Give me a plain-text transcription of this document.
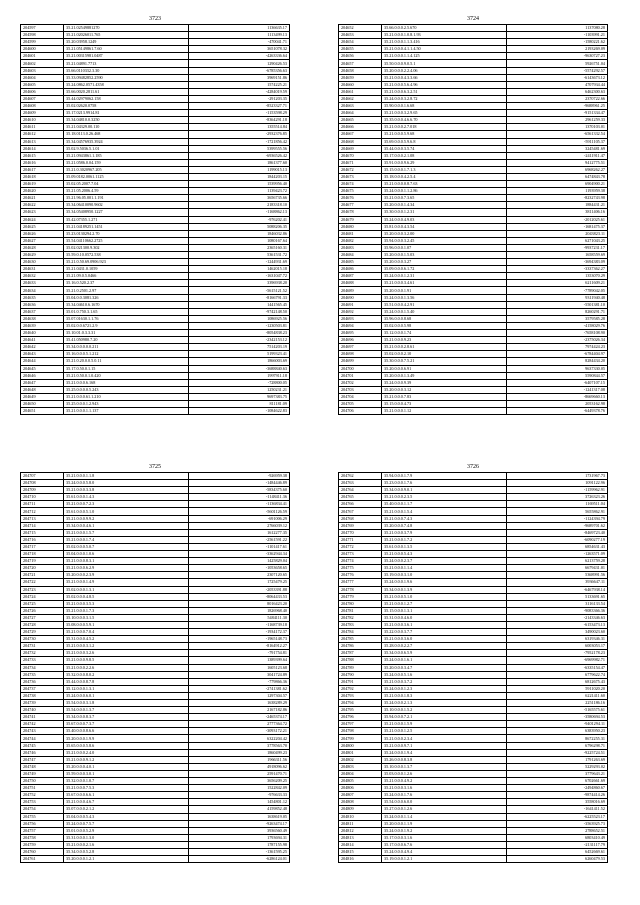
3723
204597	35.21.02549881270	1136635.17
204598	35.21.02026011.765	1113499.13
204599	35.20.03958.1249	-470041.71
204600	35.21.05149861.7.60	3651078.32
204601	35.21.00315981.0487	-4263336.64
204602	35.21.04891.7713	1290426.53
204603	35.66.0110332.3.30	-6785356.63
204604	35.33.09482852.2590	3969151.86
204605	35.24.0862.0571.4358	1574225.21
204606	35.66.0020.2811.61	-4284019.59
204607	35.44.02979062.158	-291203.35
204608	35.02.02620.0758	-8523327.71
204609	35.17.0213.9914.81	-1153598.29
204610	35.34.04810.0.3250	-8364291.18
204611	35.21.04329.00.110	1355514.84
204612	35.18.0113.0.26.468	-2932376.85
204613	35.34.04576935.3924	-1721856.42
204614	35.02.9.5036.5.1.01	5399555.56
204615	35.21.0943861.1.185	-6936526.42
204616	35.21.0586.0.04.159	1861377.60
204617	35.21.0.3020967.205	1199015.13
204618	35.09.0182.0061.1125	1844203.15
204619	35.02.05.2007.7.04	1539956.40
204620	35.21.05.2006.4.59	1139423.72
204621	35.21.96.05.001.1.191	3656735.66
204622	35.34.06410090.9602	2183318.10
204623	35.34.05408950.1227	-1168862.13
204624	35.42.07355.1.271	-976202.41
204625	35.21.04189251.1451	5088206.35
204626	35.23.0130294.2.70	1846032.86
204627	35.54.04110662.2725	1080167.64
204628	35.02.021300.9.302	2365160.31
204629	35.59.0.10.0572.538	5361531.72
204630	35.21.0.50.69.0906.923	-1244931.69
204631	35.21.0431.0.1059	1462015.18
204632	35.21.09.0.5.0466	-1631047.72
204633	35.16.0.520.2.37	3396938.20
204634	35.21.0.2501.2.97	-5615121.52
204635	35.04.0.0.3081.326	-8166791.33
204636	35.34.04610.6.1670	1441565.45
204637	35.01.0.750.3.1.65	-9742148.50
204638	35.07.01630.1.1.76	1086925.56
204639	35.02.0.0.6721.2.9	-1230503.81
204640	35.10.01.0.3.3.31	-8054838.23
204641	35.41.050980.7.20	-2342153.12
204642	35.34.0.0.0.0.0.211	7514203.19
204643	35.16.0.0.0.5.1.212	5199323.41
204644	35.21.0.20.0.0.5.0.11	1866003.69
204645	35.17.0.50.0.1.15	-3688840.63
204646	35.21.0.50.0.1.0.420	1997911.18
204647	35.21.0.0.0.6.168	-728800.05
204648	35.25.0.0.0.0.5.243	1250231.21
204649	35.21.0.0.0.61.1.210	9697383.75
204650	35.25.0.0.0.1.2.943	811181.09
204651	35.21.0.0.0.1.1.137	-1084622.83
3724
204652	35.66.0.0.0.2.5.670	1137080.28
204653	35.21.0.0.0.1.0.8.1.93	-1103991.21
204654	35.21.0.0.0.1.1.3.416	-1580221.62
204655	35.21.0.0.0.4.1.1.4.50	2193269.09
204656	35.21.0.0.0.1.1.4.125	-9630727.23
204657	35.50.0.0.0.9.0.5.1	5926751.04
204658	35.20.0.0.0.2.2.4.06	-5574292.57
204659	35.21.0.0.0.4.3.3.66	-6143673.12
204660	35.21.0.0.0.5.6.4.96	4707934.44
204661	35.21.0.0.0.6.3.2.51	6462300.63
204662	35.24.0.0.0.3.2.8.72	2370722.66
204663	35.90.0.0.0.1.6.68	-9688961.25
204664	35.21.0.0.0.3.2.9.65	-9151334.47
204665	35.35.0.0.0.4.6.6.70	2961259.33
204666	35.21.0.0.0.2.7.018	1370103.01
204667	35.21.0.0.0.5.9.68	-6561332.54
204668	35.69.0.0.0.5.9.6.8	-5911105.37
204669	35.44.0.0.0.3.5.74	3245481.69
204670	35.17.0.0.0.2.1.08	-2411911.47
204671	35.91.0.0.0.9.6.29	9412775.51
204672	35.15.0.0.0.1.7.1.3	6968262.27
204673	35.18.0.0.0.4.2.5.4	6474843.78
204674	35.21.0.0.0.0.8.7.63	6904900.21
204675	35.24.0.0.0.1.1.2.86	1193959.38
204676	35.21.0.0.0.7.3.65	-8232743.98
204677	35.20.0.0.0.1.4.34	1884431.21
204678	35.30.0.0.0.1.2.31	3811406.16
204679	35.24.0.0.0.4.9.03	-2012025.61
204680	35.81.0.0.0.4.3.54	-1681475.37
204681	35.20.0.0.0.3.2.00	2043823.11
204682	35.94.0.0.0.3.2.45	6271043.25
204683	35.96.0.0.0.1.07	-9937231.17
204684	35.20.0.0.0.1.5.03	1658559.69
204685	35.20.0.0.0.3.27	-3694383.09
204686	35.09.0.0.0.6.1.72	-3337362.27
204687	35.24.0.0.0.1.2.31	1353070.29
204688	35.21.0.0.0.3.4.61	6211609.21
204689	35.20.0.0.0.1.91	-7789042.05
204690	35.24.0.0.0.1.3.56	9311940.48
204691	35.51.0.0.0.4.2.91	-5501381.10
204692	35.24.0.0.0.1.5.40	8260291.71
204693	35.96.0.0.0.8.68	3579585.28
204694	35.02.0.0.0.5.98	-4158029.76
204695	35.12.0.0.0.1.74	-7658108.90
204696	35.21.0.0.0.9.23	-2375026.34
204697	35.21.0.0.0.2.8.61	7974424.23
204698	35.02.0.0.0.2.10	-6784404.97
204699	35.30.0.0.0.7.5.21	8284434.20
204700	35.20.0.0.0.6.91	9637330.05
204701	35.20.0.0.0.1.3.49	5590844.57
204702	35.24.0.0.0.9.39	-6407107.15
204703	35.20.0.0.0.3.12	-1241317.08
204704	35.21.0.0.0.7.83	-8669660.13
204705	35.15.0.0.0.4.73	2053162.98
204706	35.21.0.0.0.1.12	-6449378.76
3725
204707	35.21.0.0.0.1.1.8	-926959.38
204708	35.24.0.0.0.5.8.0	-1484446.89
204709	35.21.0.0.0.3.3.8	-5834375.60
204710	35.61.0.0.0.1.4.3	-1148411.36
204711	35.21.0.0.0.7.2.3	-1136834.41
204712	35.61.0.0.0.5.1.0	-5601126.59
204713	35.21.0.0.0.9.9.2	-691006.29
204714	35.34.0.0.0.4.6.1	2766039.12
204715	35.21.0.0.0.1.5.7	1612277.35
204716	35.21.0.0.0.1.7.4	-2561591.22
204717	35.02.0.0.0.5.0.7	-1101417.61
204718	35.04.0.0.0.1.0.6	-3362944.34
204719	35.21.0.0.0.8.3.1	1425829.04
204720	35.21.0.0.0.6.2.9	-1053658.65
204721	35.20.0.0.0.2.3.9	2307120.65
204722	35.21.0.0.0.1.4.9	1725479.25
204723	35.02.0.0.0.1.3.1	-2053391.88
204724	35.02.0.0.0.4.8.5	-8064433.53
204725	35.21.0.0.0.3.5.3	8016423.20
204726	35.21.0.0.0.1.7.3	1826968.40
204727	35.10.0.0.0.3.1.5	5484111.30
204728	35.08.0.0.0.5.9.1	-1168739.18
204729	35.21.0.0.0.7.0.4	-1934172.37
204730	35.31.0.0.0.4.5.2	-1965148.73
204731	35.21.0.0.0.3.1.2	-8164912.27
204732	35.21.0.0.0.3.2.6	-791754.81
204733	35.21.0.0.0.9.8.5	1389399.64
204734	35.21.0.0.0.2.2.6	1605123.68
204735	35.32.0.0.0.8.0.2	3041724.89
204736	35.44.0.0.0.8.7.8	-779866.36
204737	35.12.0.0.0.1.3.1	-2741381.62
204738	35.24.0.0.0.6.0.1	1297304.57
204739	35.54.0.0.0.3.1.8	1638289.29
204740	35.54.0.0.0.1.3.7	2167182.86
204741	35.34.0.0.0.8.3.7	-2465374.17
204742	35.67.0.0.0.7.3.7	2777364.72
204743	35.40.0.0.0.8.6.6	-3093172.21
204744	35.20.0.0.0.1.9.9	6322204.42
204745	35.65.0.0.0.5.8.6	3778563.70
204746	35.21.0.0.0.2.4.0	1860499.23
204747	35.21.0.0.0.9.1.2	1966311.56
204748	35.20.0.0.0.4.0.1	4918096.62
204749	35.59.0.0.0.3.0.1	2591470.71
204750	35.32.0.0.0.1.0.7	3656209.25
204751	35.21.0.0.0.7.5.3	1522842.09
204752	35.67.0.0.0.6.6.1	-976633.33
204753	35.21.0.0.0.4.6.7	1454801.12
204754	35.07.0.0.0.2.1.2	4159852.48
204755	35.04.0.0.0.5.4.3	1638619.05
204756	35.24.0.0.0.7.5.7	-9263474.17
204757	35.01.0.0.0.5.2.9	3936560.49
204758	35.31.0.0.0.1.3.0	1793694.31
204759	35.21.0.0.0.2.1.6	1787155.98
204760	35.34.0.0.0.5.2.8	-1361595.25
204761	35.20.0.0.0.1.2.1	-6286124.01
3726
204762	35.94.0.0.0.1.7.9	1731967.73
204763	35.23.0.0.0.1.7.6	1091122.96
204764	35.34.0.0.0.9.0.1	-1159962.91
204765	35.21.0.0.0.2.3.5	3726323.26
204766	35.40.0.0.0.1.1.7	1169511.04
204767	35.21.0.0.0.1.5.4	5655862.91
204768	35.21.0.0.0.7.4.3	-1124394.79
204769	35.20.0.0.0.7.4.8	-9689701.62
204770	35.21.0.0.0.3.7.9	-8469723.40
204771	35.21.0.0.0.1.7.2	-6090277.19
204772	35.61.0.0.0.1.3.5	6854631.43
204773	35.21.0.0.0.5.4.3	-1263571.09
204774	35.24.0.0.0.2.3.7	6213759.28
204775	35.21.0.0.0.1.1.4	6679431.01
204776	35.19.0.0.0.3.1.0	5368991.56
204777	35.24.0.0.0.1.9.6	3936647.11
204778	35.34.0.0.0.1.3.9	-6467938.14
204779	35.21.0.0.0.5.1.0	5133691.65
204780	35.21.0.0.0.1.2.7	3116133.54
204781	35.15.0.0.0.1.3.1	-9083366.36
204782	35.31.0.0.0.4.6.0	-2143346.63
204783	35.21.0.0.0.3.6.1	-6153473.13
204784	35.22.0.0.0.3.7.7	3490023.60
204785	35.21.0.0.0.3.6.0	6319346.31
204786	35.28.0.0.0.2.2.7	6003053.17
204787	35.34.0.0.0.6.5.9	-7952178.23
204788	35.24.0.0.0.1.6.1	-6969982.71
204789	35.20.0.0.0.3.4.7	-6335154.47
204790	35.24.0.0.0.5.1.6	6779622.74
204791	35.21.0.0.0.3.7.2	6812675.43
204792	35.24.0.0.0.1.2.3	5911020.20
204793	35.21.0.0.0.1.8.3	6221411.60
204794	35.24.0.0.0.2.1.3	2251186.16
204795	35.10.0.0.0.1.5.2	-5165575.61
204796	35.94.0.0.0.7.2.1	-3580694.53
204797	35.21.0.0.0.1.5.9	-9401294.11
204798	35.21.0.0.0.1.2.5	6383950.23
204799	35.21.0.0.0.2.3.4	8672255.31
204800	35.21.0.0.0.9.7.1	6796298.71
204801	35.24.0.0.0.1.9.4	-9225724.51
204802	35.26.0.0.0.8.3.8	1791263.69
204803	35.10.0.0.0.1.3.7	5229293.02
204804	35.03.0.0.0.1.2.6	3779643.21
204805	35.21.0.0.0.4.9.2	6702661.69
204806	35.21.0.0.0.3.1.6	-2494860.67
204807	35.24.0.0.0.1.7.6	-9874414.26
204808	35.54.0.0.0.6.0.0	3558016.69
204809	35.27.0.0.0.1.2.6	-1641411.52
204810	35.24.0.0.0.1.1.4	-6225523.17
204811	35.20.0.0.0.1.1.9	-3563925.73
204812	35.24.0.0.0.1.9.2	2788652.51
204813	35.17.0.0.0.3.1.6	6803410.49
204814	35.17.0.0.0.6.7.6	-2131117.79
204815	35.24.0.0.0.4.9.4	6452669.61
204816	35.19.0.0.0.1.2.1	6260479.53
